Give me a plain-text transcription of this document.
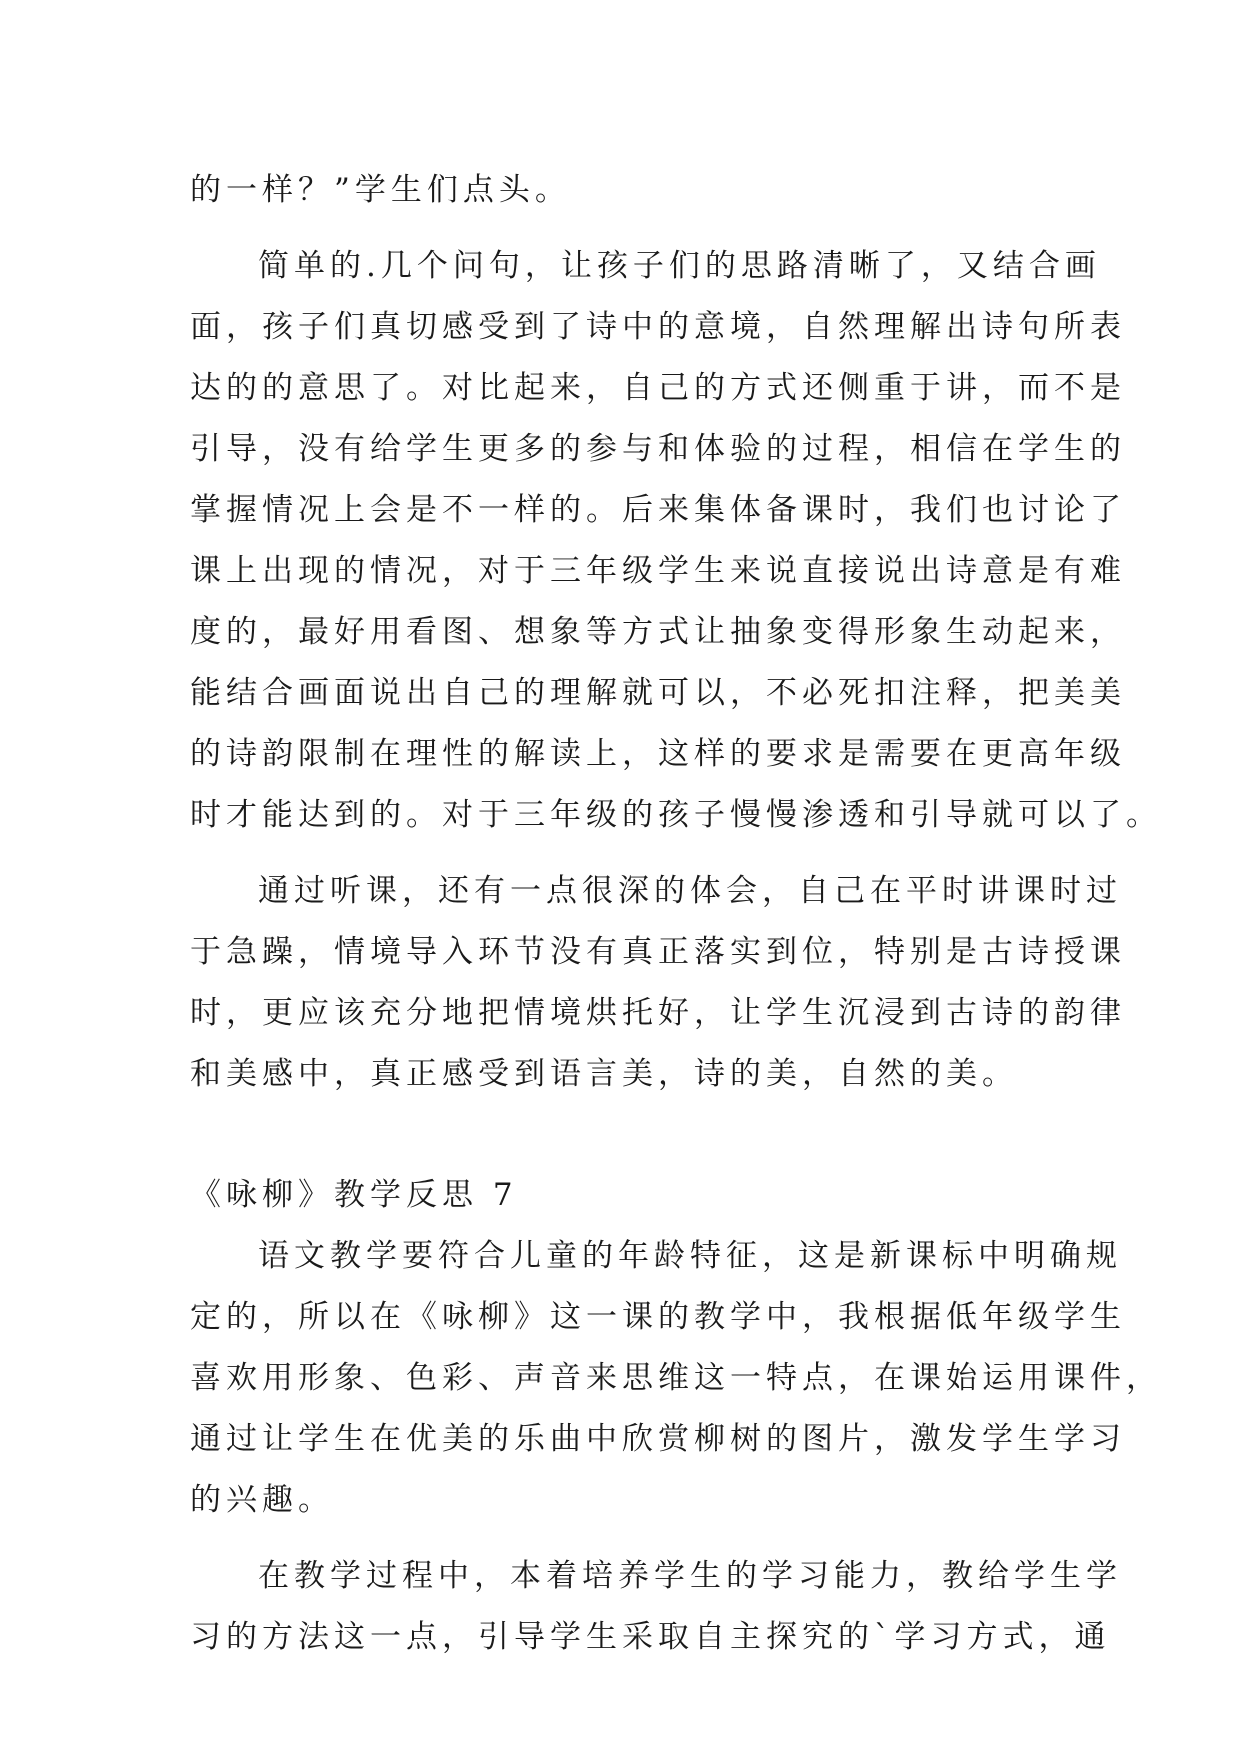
的一样？”学生们点头。
简单的.几个问句，让孩子们的思路清晰了，又结合画
面，孩子们真切感受到了诗中的意境，自然理解出诗句所表
达的的意思了。对比起来，自己的方式还侧重于讲，而不是
引导，没有给学生更多的参与和体验的过程，相信在学生的
掌握情况上会是不一样的。后来集体备课时，我们也讨论了
课上出现的情况，对于三年级学生来说直接说出诗意是有难
度的，最好用看图、想象等方式让抽象变得形象生动起来，
能结合画面说出自己的理解就可以，不必死扣注释，把美美
的诗韵限制在理性的解读上，这样的要求是需要在更高年级
时才能达到的。对于三年级的孩子慢慢渗透和引导就可以了。
通过听课，还有一点很深的体会，自己在平时讲课时过
于急躁，情境导入环节没有真正落实到位，特别是古诗授课
时，更应该充分地把情境烘托好，让学生沉浸到古诗的韵律
和美感中，真正感受到语言美，诗的美，自然的美。
《咏柳》教学反思 7
语文教学要符合儿童的年龄特征，这是新课标中明确规
定的，所以在《咏柳》这一课的教学中，我根据低年级学生
喜欢用形象、色彩、声音来思维这一特点，在课始运用课件，
通过让学生在优美的乐曲中欣赏柳树的图片，激发学生学习
的兴趣。
在教学过程中，本着培养学生的学习能力，教给学生学
习的方法这一点，引导学生采取自主探究的`学习方式，通
